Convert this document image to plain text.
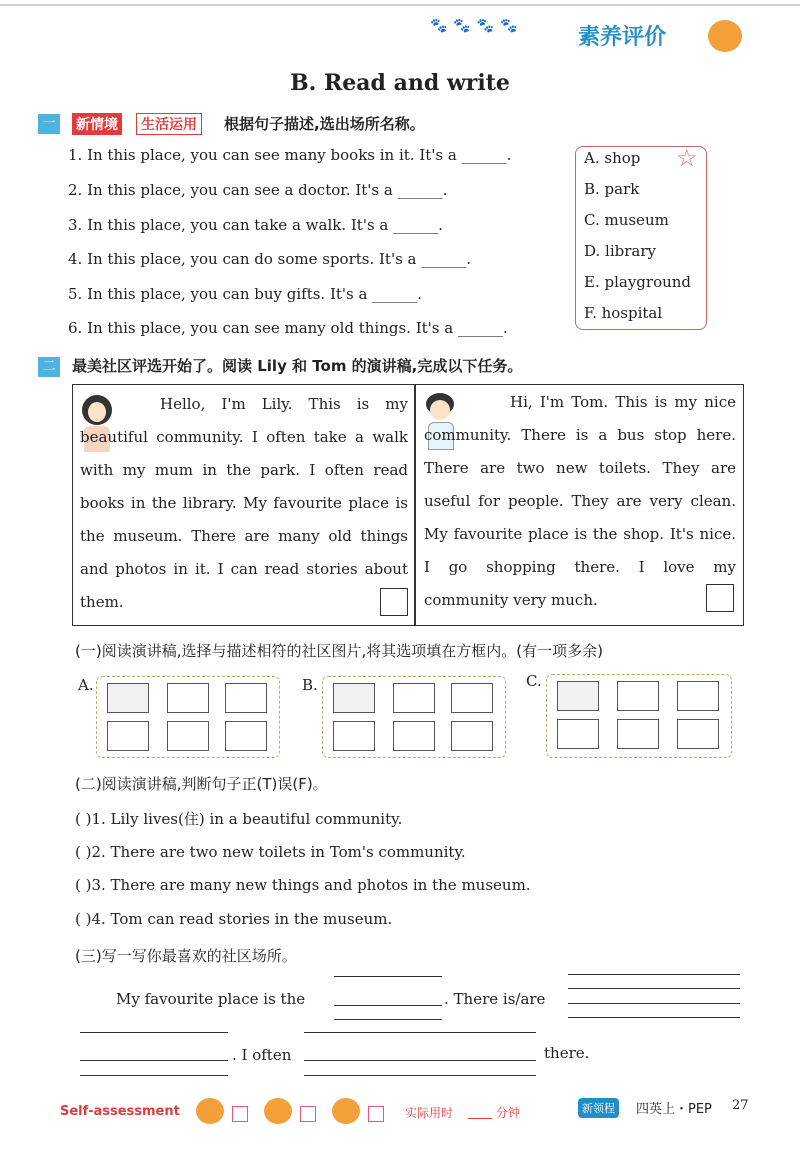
🐾🐾🐾🐾 素养评价
B. Read and write
一	新情境	生活运用	根据句子描述,选出场所名称。
1. In this place, you can see many books in it. It's a ______.
2. In this place, you can see a doctor. It's a ______.
3. In this place, you can take a walk. It's a ______.
4. In this place, you can do some sports. It's a ______.
5. In this place, you can buy gifts. It's a ______.
6. In this place, you can see many old things. It's a ______.
☆
A. shop
B. park
C. museum
D. library
E. playground
F. hospital
二	最美社区评选开始了。阅读 Lily 和 Tom 的演讲稿,完成以下任务。
Hello, I'm Lily. This is my beautiful community. I often take a walk with my mum in the park. I often read books in the library. My favourite place is the museum. There are many old things and photos in it. I can read stories about them.
Hi, I'm Tom. This is my nice community. There is a bus stop here. There are two new toilets. They are useful for people. They are very clean. My favourite place is the shop. It's nice. I go shopping there. I love my community very much.
(一)阅读演讲稿,选择与描述相符的社区图片,将其选项填在方框内。(有一项多余)
A.	B.	C.
(二)阅读演讲稿,判断句子正(T)误(F)。
( )1. Lily lives(住) in a beautiful community.
( )2. There are two new toilets in Tom's community.
( )3. There are many new things and photos in the museum.
( )4. Tom can read stories in the museum.
(三)写一写你最喜欢的社区场所。
My favourite place is the	. There is/are
. I often	there.
Self-assessment	实际用时	分钟	新领程	四英上・PEP 27
